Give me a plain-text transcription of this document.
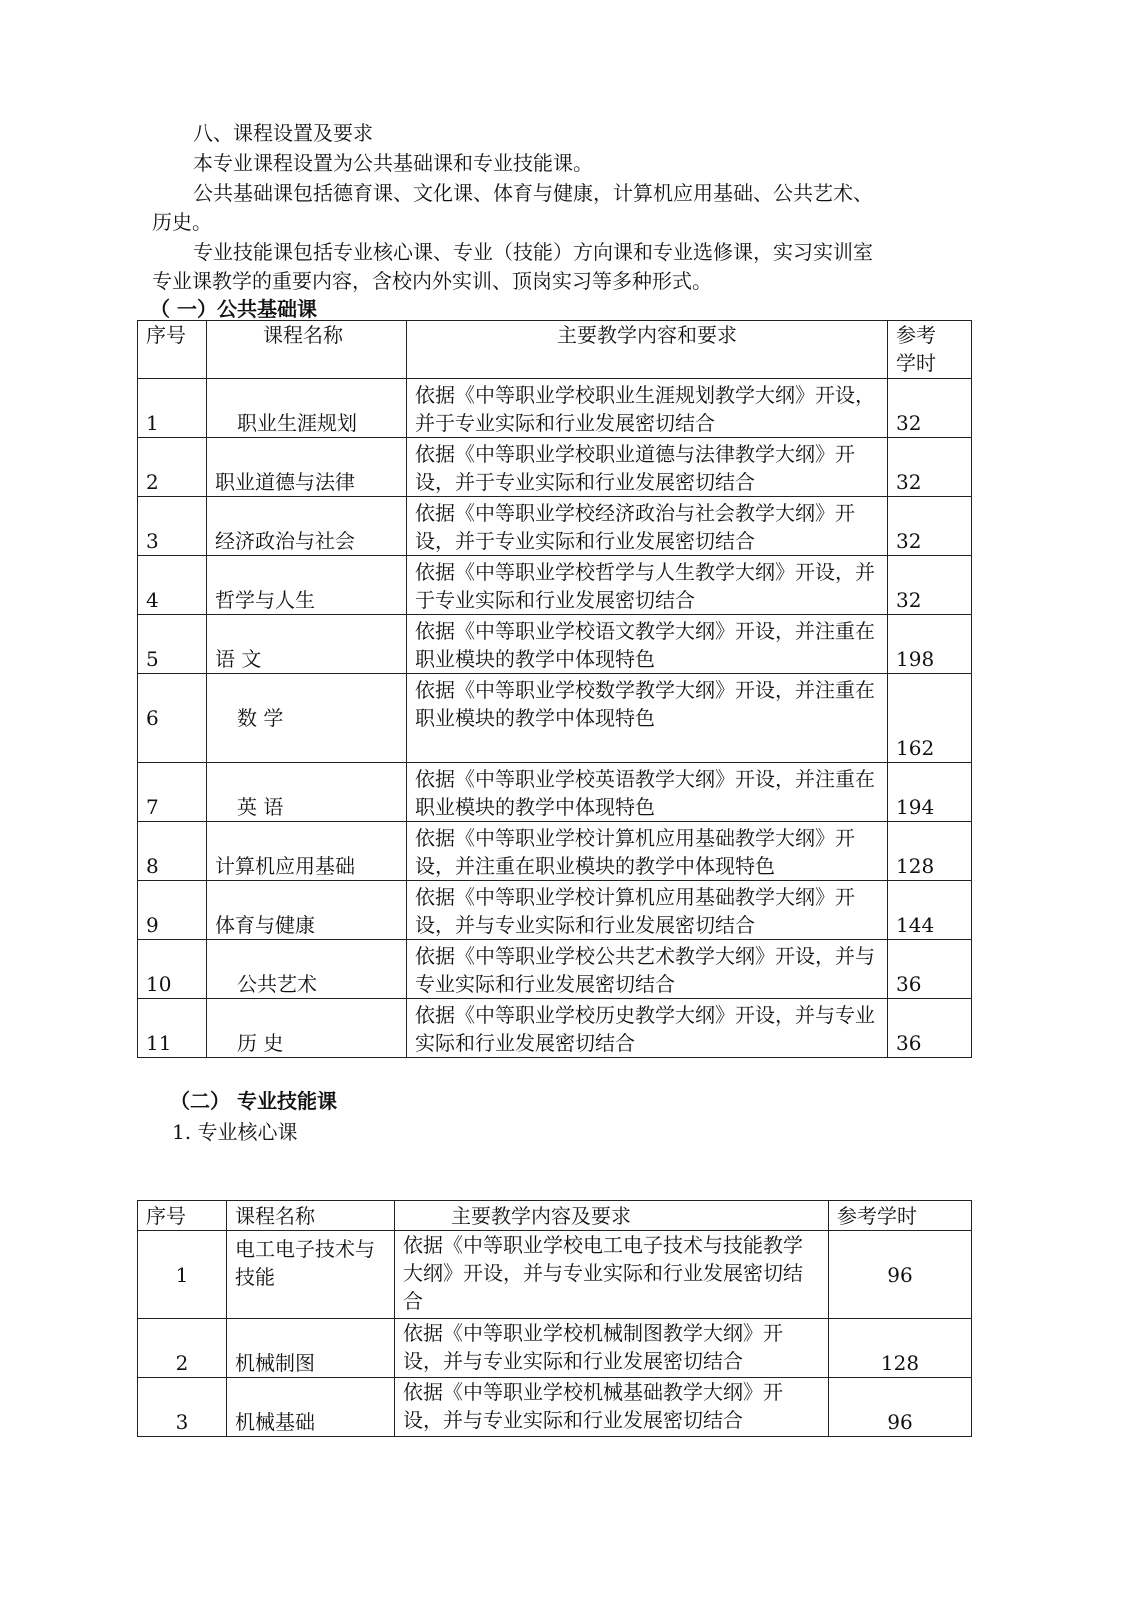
八、课程设置及要求
本专业课程设置为公共基础课和专业技能课。
公共基础课包括德育课、文化课、体育与健康，计算机应用基础、公共艺术、
历史。
专业技能课包括专业核心课、专业（技能）方向课和专业选修课，实习实训室
专业课教学的重要内容，含校内外实训、顶岗实习等多种形式。
（ 一）公共基础课
序号	课程名称	主要教学内容和要求	参考
学时
1	职业生涯规划	依据《中等职业学校职业生涯规划教学大纲》开设，并于专业实际和行业发展密切结合	32
2	职业道德与法律	依据《中等职业学校职业道德与法律教学大纲》开设，并于专业实际和行业发展密切结合	32
3	经济政治与社会	依据《中等职业学校经济政治与社会教学大纲》开设，并于专业实际和行业发展密切结合	32
4	哲学与人生	依据《中等职业学校哲学与人生教学大纲》开设，并于专业实际和行业发展密切结合	32
5	语 文	依据《中等职业学校语文教学大纲》开设，并注重在职业模块的教学中体现特色	198
6	数 学	依据《中等职业学校数学教学大纲》开设，并注重在职业模块的教学中体现特色	162
7	英 语	依据《中等职业学校英语教学大纲》开设，并注重在职业模块的教学中体现特色	194
8	计算机应用基础	依据《中等职业学校计算机应用基础教学大纲》开设，并注重在职业模块的教学中体现特色	128
9	体育与健康	依据《中等职业学校计算机应用基础教学大纲》开设，并与专业实际和行业发展密切结合	144
10	公共艺术	依据《中等职业学校公共艺术教学大纲》开设，并与专业实际和行业发展密切结合	36
11	历 史	依据《中等职业学校历史教学大纲》开设，并与专业实际和行业发展密切结合	36
（二） 专业技能课
1. 专业核心课
序号	课程名称	主要教学内容及要求	参考学时
1	电工电子技术与技能	依据《中等职业学校电工电子技术与技能教学大纲》开设，并与专业实际和行业发展密切结合	96
2	机械制图	依据《中等职业学校机械制图教学大纲》开设，并与专业实际和行业发展密切结合	128
3	机械基础	依据《中等职业学校机械基础教学大纲》开设，并与专业实际和行业发展密切结合	96
